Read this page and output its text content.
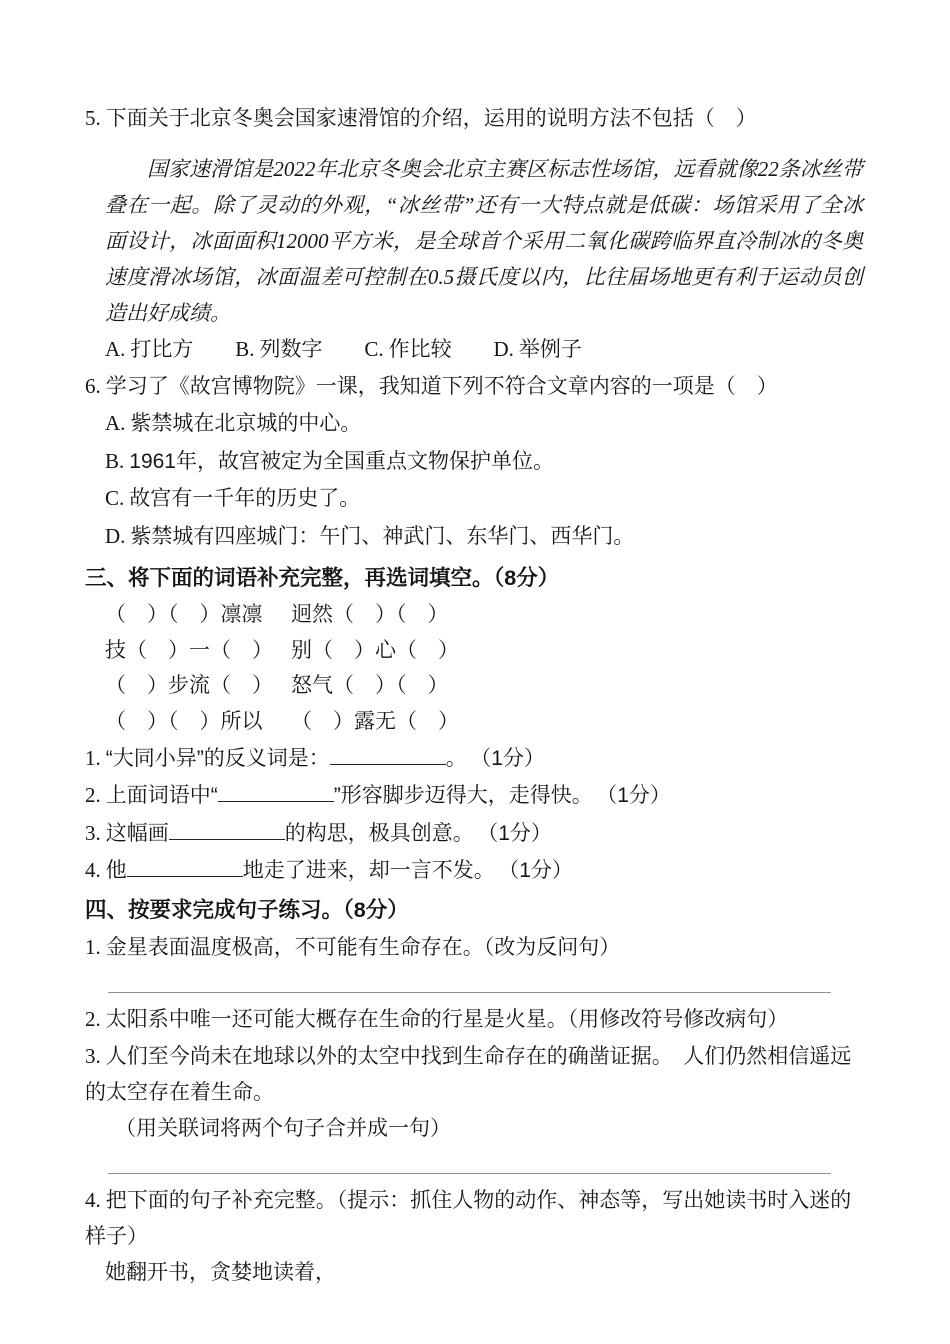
5. 下面关于北京冬奥会国家速滑馆的介绍，运用的说明方法不包括（　）

国家速滑馆是2022年北京冬奥会北京主赛区标志性场馆，远看就像22条冰丝带叠在一起。除了灵动的外观，“冰丝带”还有一大特点就是低碳：场馆采用了全冰面设计，冰面面积12000平方米，是全球首个采用二氧化碳跨临界直冷制冰的冬奥速度滑冰场馆，冰面温差可控制在0.5摄氏度以内，比往届场地更有利于运动员创造出好成绩。

A. 打比方 B. 列数字 C. 作比较 D. 举例子
6. 学习了《故宫博物院》一课，我知道下列不符合文章内容的一项是（　）
A. 紫禁城在北京城的中心。
B. 1961年，故宫被定为全国重点文物保护单位。
C. 故宫有一千年的历史了。
D. 紫禁城有四座城门：午门、神武门、东华门、西华门。
三、将下面的词语补充完整，再选词填空。（8分）
（　）（　）凛凛 迥然（　）（　）
技（　）一（　） 别（　）心（　）
（　）步流（　） 怒气（　）（　）
（　）（　）所以 （　）露无（　）
1. “大同小异”的反义词是：	。 （1分）
2. 上面词语中“	”形容脚步迈得大，走得快。 （1分）
3. 这幅画	的构思，极具创意。 （1分）
4. 他	地走了进来，却一言不发。 （1分）
四、按要求完成句子练习。（8分）
1. 金星表面温度极高，不可能有生命存在。（改为反问句）
2. 太阳系中唯一还可能大概存在生命的行星是火星。（用修改符号修改病句）
3. 人们至今尚未在地球以外的太空中找到生命存在的确凿证据。　人们仍然相信遥远的太空存在着生命。
（用关联词将两个句子合并成一句）
4. 把下面的句子补充完整。（提示：抓住人物的动作、神态等，写出她读书时入迷的样子）
她翻开书，贪婪地读着，
